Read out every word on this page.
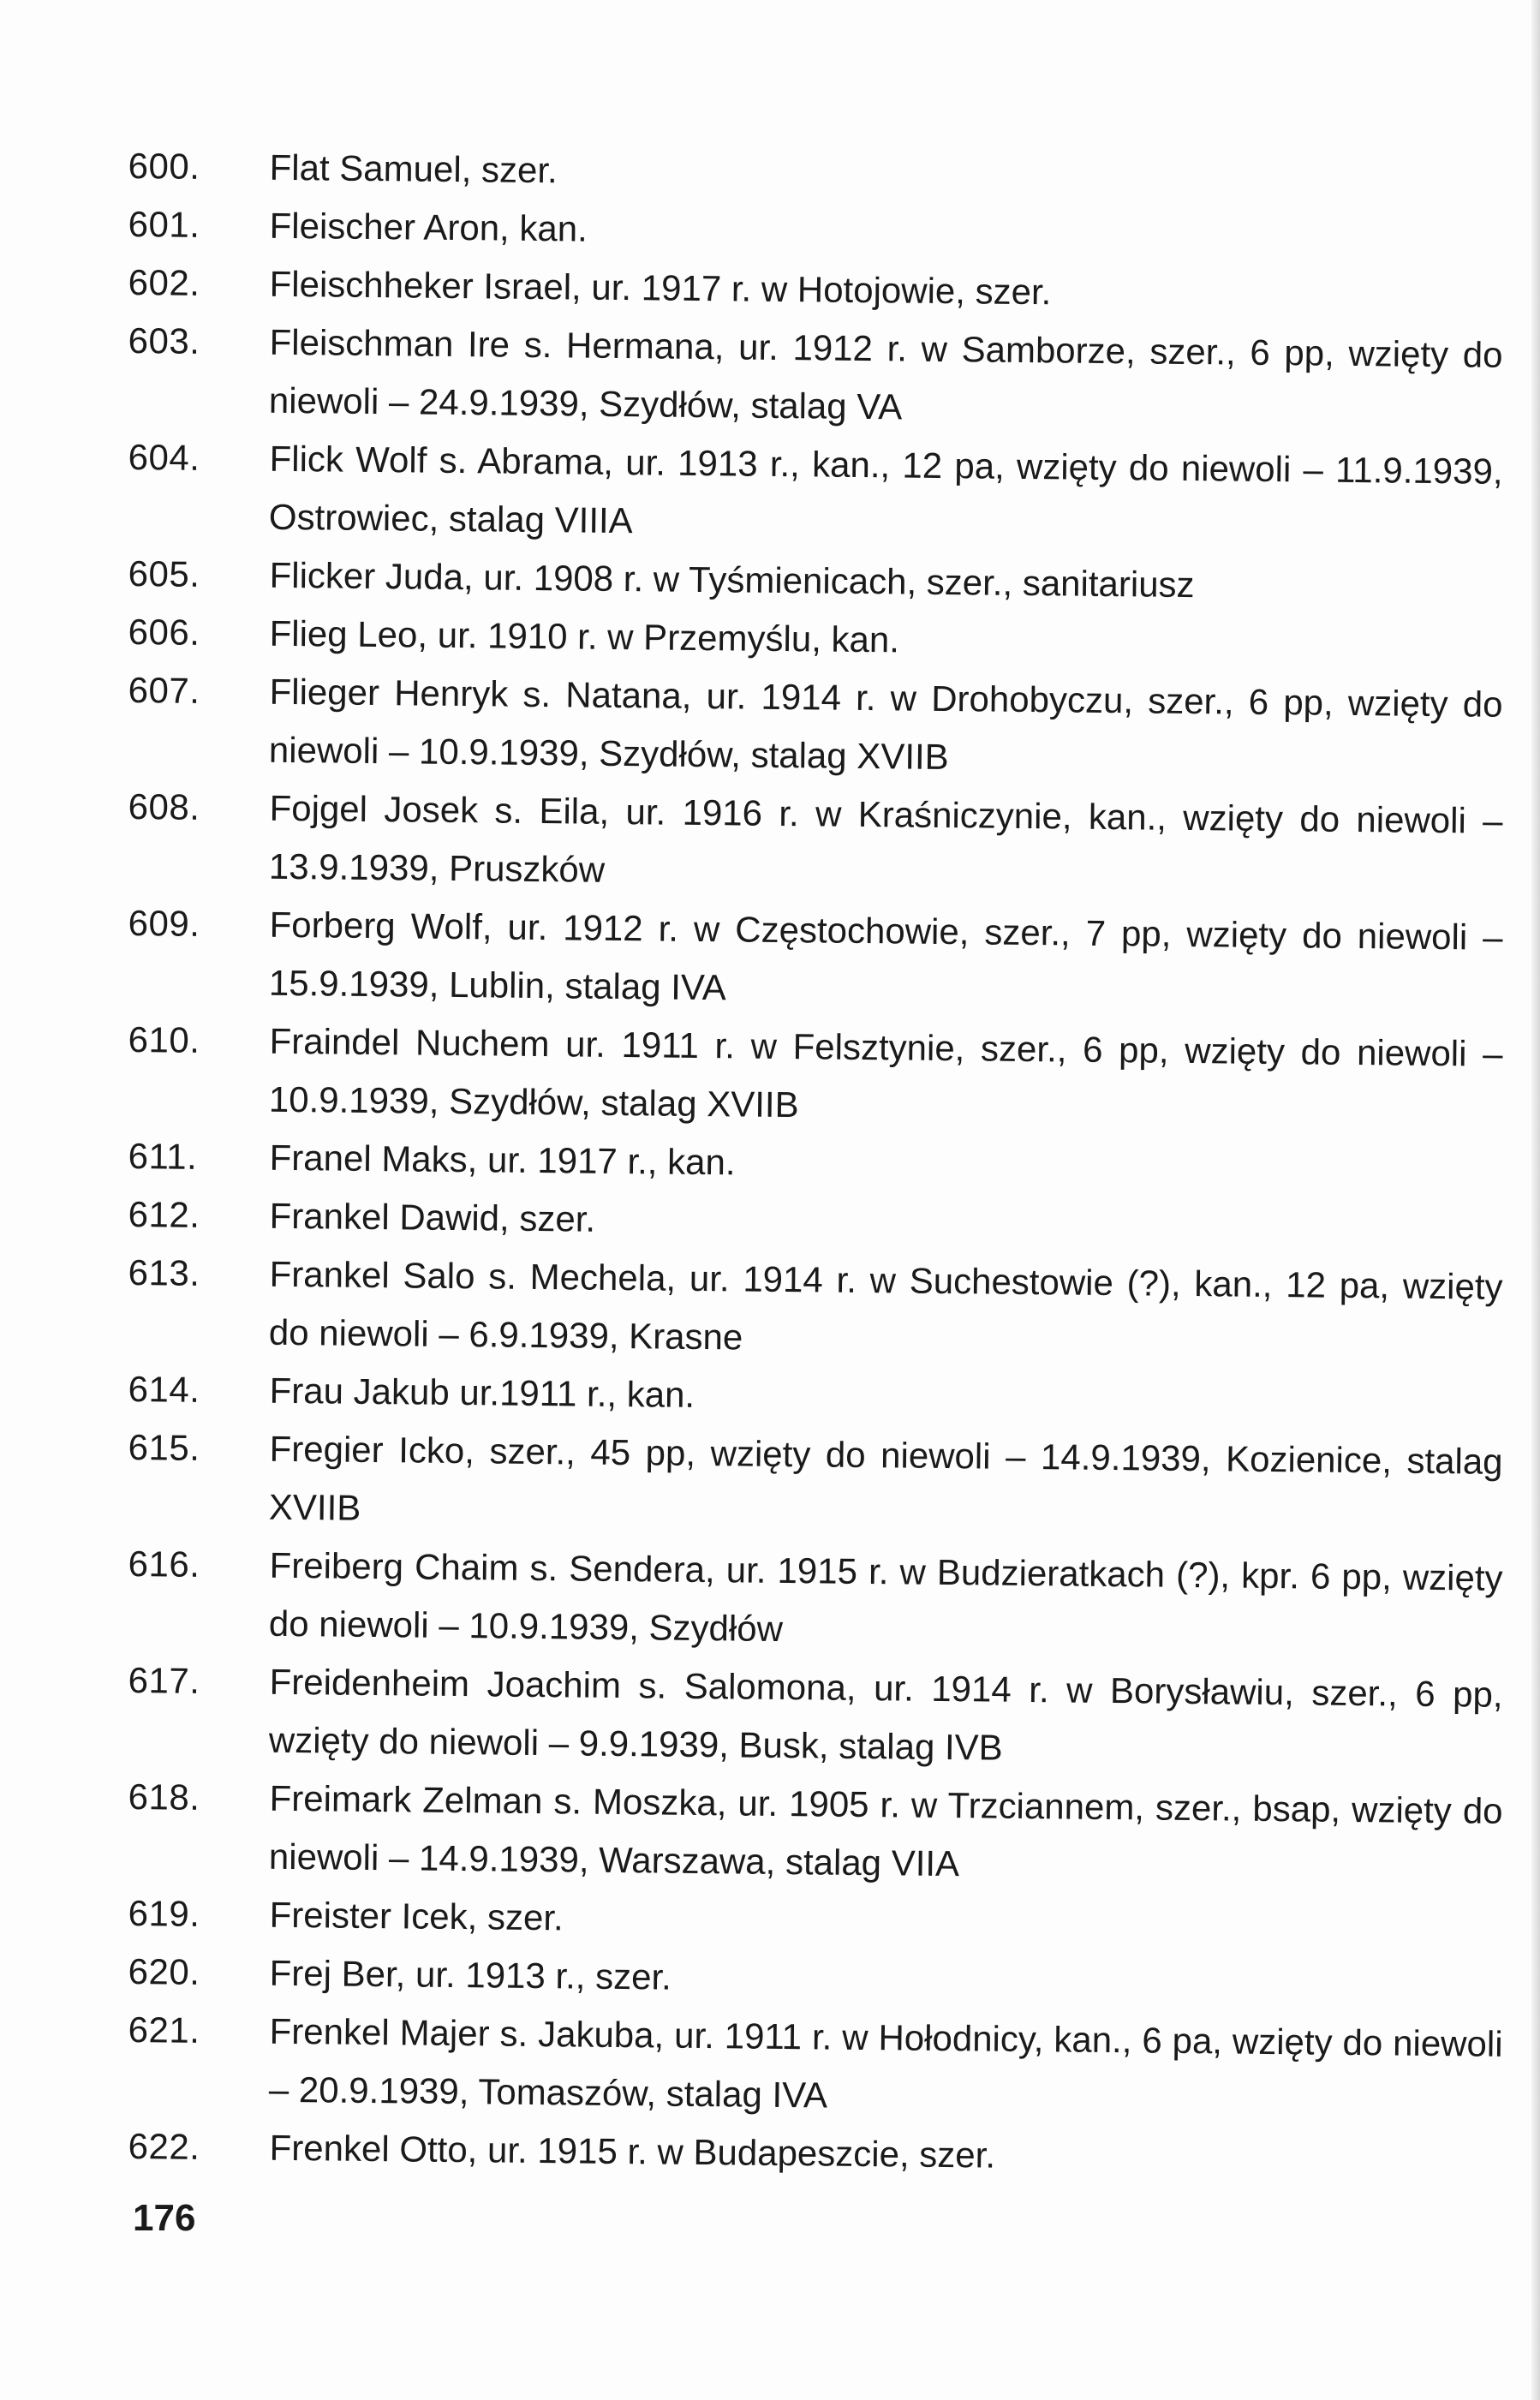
600.	Flat Samuel, szer.
601.	Fleischer Aron, kan.
602.	Fleischheker Israel, ur. 1917 r. w Hotojowie, szer.
603.	Fleischman Ire s. Hermana, ur. 1912 r. w Samborze, szer., 6 pp, wzięty do niewoli – 24.9.1939, Szydłów, stalag VA
604.	Flick Wolf s. Abrama, ur. 1913 r., kan., 12 pa, wzięty do niewoli – 11.9.1939, Ostrowiec, stalag VIIIA
605.	Flicker Juda, ur. 1908 r. w Tyśmienicach, szer., sanitariusz
606.	Flieg Leo, ur. 1910 r. w Przemyślu, kan.
607.	Flieger Henryk s. Natana, ur. 1914 r. w Drohobyczu, szer., 6 pp, wzięty do niewoli – 10.9.1939, Szydłów, stalag XVIIB
608.	Fojgel Josek s. Eila, ur. 1916 r. w Kraśniczynie, kan., wzięty do niewoli – 13.9.1939, Pruszków
609.	Forberg Wolf, ur. 1912 r. w Częstochowie, szer., 7 pp, wzięty do niewoli – 15.9.1939, Lublin, stalag IVA
610.	Fraindel Nuchem ur. 1911 r. w Felsztynie, szer., 6 pp, wzięty do niewoli – 10.9.1939, Szydłów, stalag XVIIB
611.	Franel Maks, ur. 1917 r., kan.
612.	Frankel Dawid, szer.
613.	Frankel Salo s. Mechela, ur. 1914 r. w Suchestowie (?), kan., 12 pa, wzięty do niewoli – 6.9.1939, Krasne
614.	Frau Jakub ur.1911 r., kan.
615.	Fregier Icko, szer., 45 pp, wzięty do niewoli – 14.9.1939, Kozienice, stalag XVIIB
616.	Freiberg Chaim s. Sendera, ur. 1915 r. w Budzieratkach (?), kpr. 6 pp, wzięty do niewoli – 10.9.1939, Szydłów
617.	Freidenheim Joachim s. Salomona, ur. 1914 r. w Borysławiu, szer., 6 pp, wzięty do niewoli – 9.9.1939, Busk, stalag IVB
618.	Freimark Zelman s. Moszka, ur. 1905 r. w Trzciannem, szer., bsap, wzięty do niewoli – 14.9.1939, Warszawa, stalag VIIA
619.	Freister Icek, szer.
620.	Frej Ber, ur. 1913 r., szer.
621.	Frenkel Majer s. Jakuba, ur. 1911 r. w Hołodnicy, kan., 6 pa, wzięty do niewoli – 20.9.1939, Tomaszów, stalag IVA
622.	Frenkel Otto, ur. 1915 r. w Budapeszcie, szer.
176
